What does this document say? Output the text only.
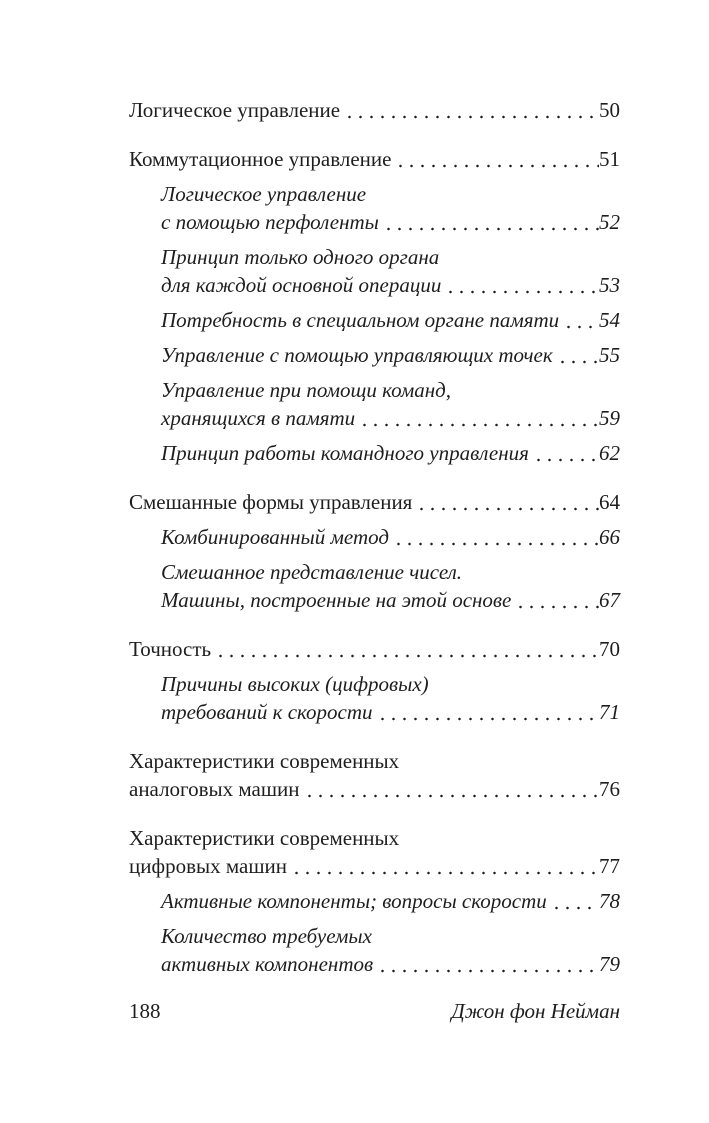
Логическое управление	50
Коммутационное управление	51
Логическое управление
с помощью перфоленты	52
Принцип только одного органа
для каждой основной операции	53
Потребность в специальном органе памяти 54
Управление с помощью управляющих точек 55
Управление при помощи команд,
хранящихся в памяти	59
Принцип работы командного управления	62
Смешанные формы управления	64
Комбинированный метод	66
Смешанное представление чисел.
Машины, построенные на этой основе	67
Точность	70
Причины высоких (цифровых)
требований к скорости	71
Характеристики современных
аналоговых машин	76
Характеристики современных
цифровых машин	77
Активные компоненты; вопросы скорости 78
Количество требуемых
активных компонентов	79
188	Джон фон Нейман
